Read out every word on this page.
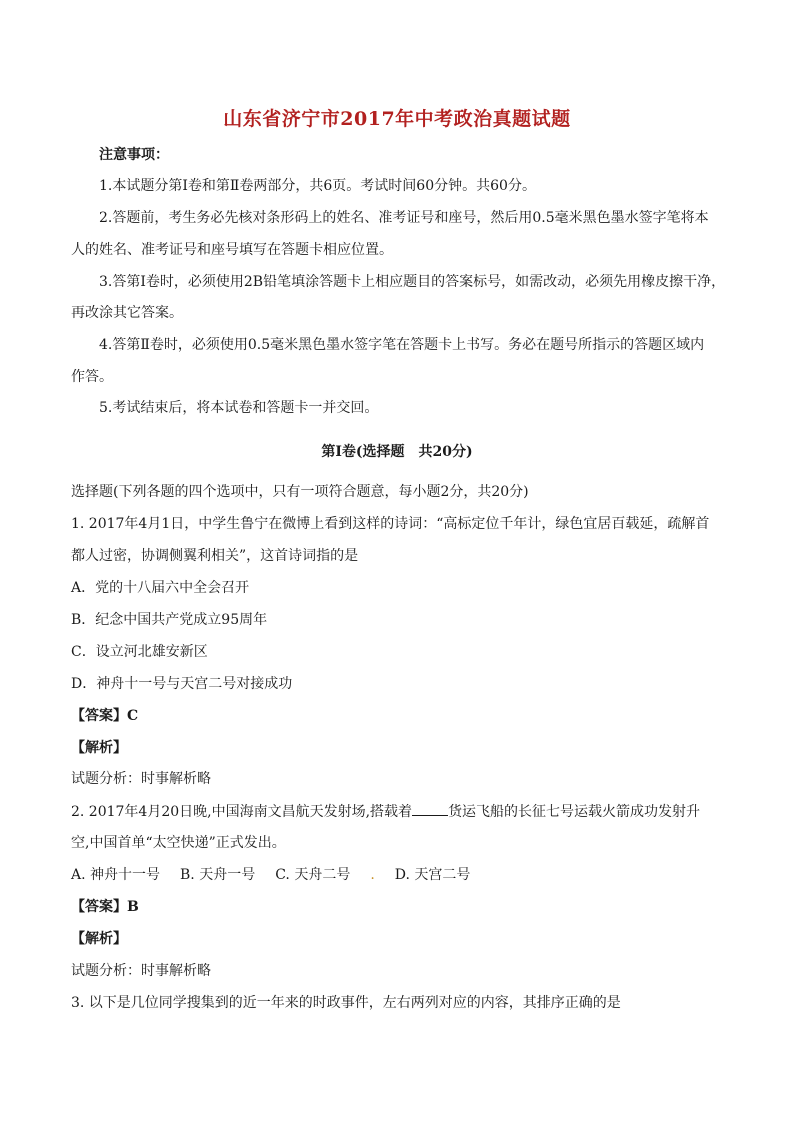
山东省济宁市2017年中考政治真题试题
注意事项：
1.本试题分第Ⅰ卷和第Ⅱ卷两部分，共6页。考试时间60分钟。共60分。
2.答题前，考生务必先核对条形码上的姓名、准考证号和座号，然后用0.5毫米黑色墨水签字笔将本
人的姓名、准考证号和座号填写在答题卡相应位置。
3.答第Ⅰ卷时，必须使用2B铅笔填涂答题卡上相应题目的答案标号，如需改动，必须先用橡皮擦干净，
再改涂其它答案。
4.答第Ⅱ卷时，必须使用0.5毫米黑色墨水签字笔在答题卡上书写。务必在题号所指示的答题区域内
作答。
5.考试结束后，将本试卷和答题卡一并交回。
第Ⅰ卷(选择题　共20分)
选择题(下列各题的四个选项中，只有一项符合题意，每小题2分，共20分)
1. 2017年4月1日，中学生鲁宁在微博上看到这样的诗词：“高标定位千年计，绿色宜居百载延，疏解首
都人过密，协调侧翼利相关”，这首诗词指的是
A．党的十八届六中全会召开
B．纪念中国共产党成立95周年
C．设立河北雄安新区
D．神舟十一号与天宫二号对接成功
【答案】C
【解析】
试题分析：时事解析略
2. 2017年4月20日晚,中国海南文昌航天发射场,搭载着	货运飞船的长征七号运载火箭成功发射升
空,中国首单“太空快递”正式发出。
A. 神舟十一号 B. 天舟一号 C. 天舟二号 . D. 天宫二号
【答案】B
【解析】
试题分析：时事解析略
3. 以下是几位同学搜集到的近一年来的时政事件，左右两列对应的内容，其排序正确的是
